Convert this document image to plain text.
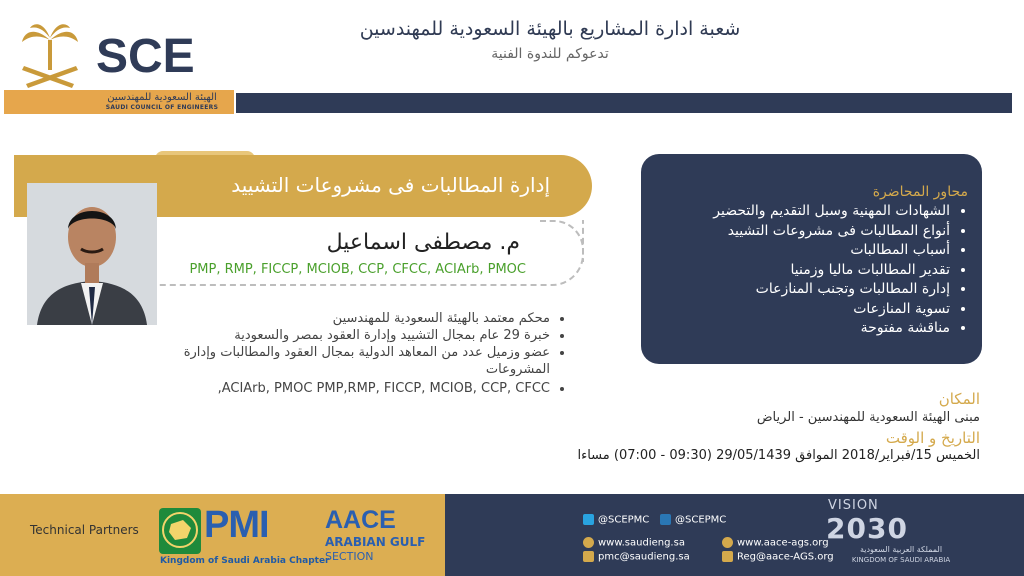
SCE
الهيئة السعودية للمهندسين
SAUDI COUNCIL OF ENGINEERS
شعبة ادارة المشاريع بالهيئة السعودية للمهندسين
تدعوكم للندوة الفنية
إدارة المطالبات فى مشروعات التشييد
م. مصطفى اسماعيل
PMP, RMP, FICCP, MCIOB, CCP, CFCC, ACIArb, PMOC
• محكم معتمد بالهيئة السعودية للمهندسين
• خبرة 29 عام بمجال التشييد وإدارة العقود بمصر والسعودية
• عضو وزميل عدد من المعاهد الدولية بمجال العقود والمطالبات وإدارة المشروعات
• ACIArb, PMOC PMP,RMP, FICCP, MCIOB, CCP, CFCC,
محاور المحاضرة
• الشهادات المهنية وسبل التقديم والتحضير
• أنواع المطالبات فى مشروعات التشييد
• أسباب المطالبات
• تقدير المطالبات ماليا وزمنيا
• إدارة المطالبات وتجنب المنازعات
• تسوية المنازعات
• مناقشة مفتوحة
المكان
مبنى الهيئة السعودية للمهندسين - الرياض
التاريخ و الوقت
الخميس 15/فبراير/2018 الموافق 29/05/1439 (09:30 - 07:00) مساءا
Technical Partners PMI
Kingdom of Saudi Arabia Chapter
AACE
ARABIAN GULF
SECTION
@SCEPMC	@SCEPMC
www.saudieng.sa
pmc@saudieng.sa
www.aace-ags.org
Reg@aace-AGS.org
VISION
2030
المملكة العربية السعودية
KINGDOM OF SAUDI ARABIA
